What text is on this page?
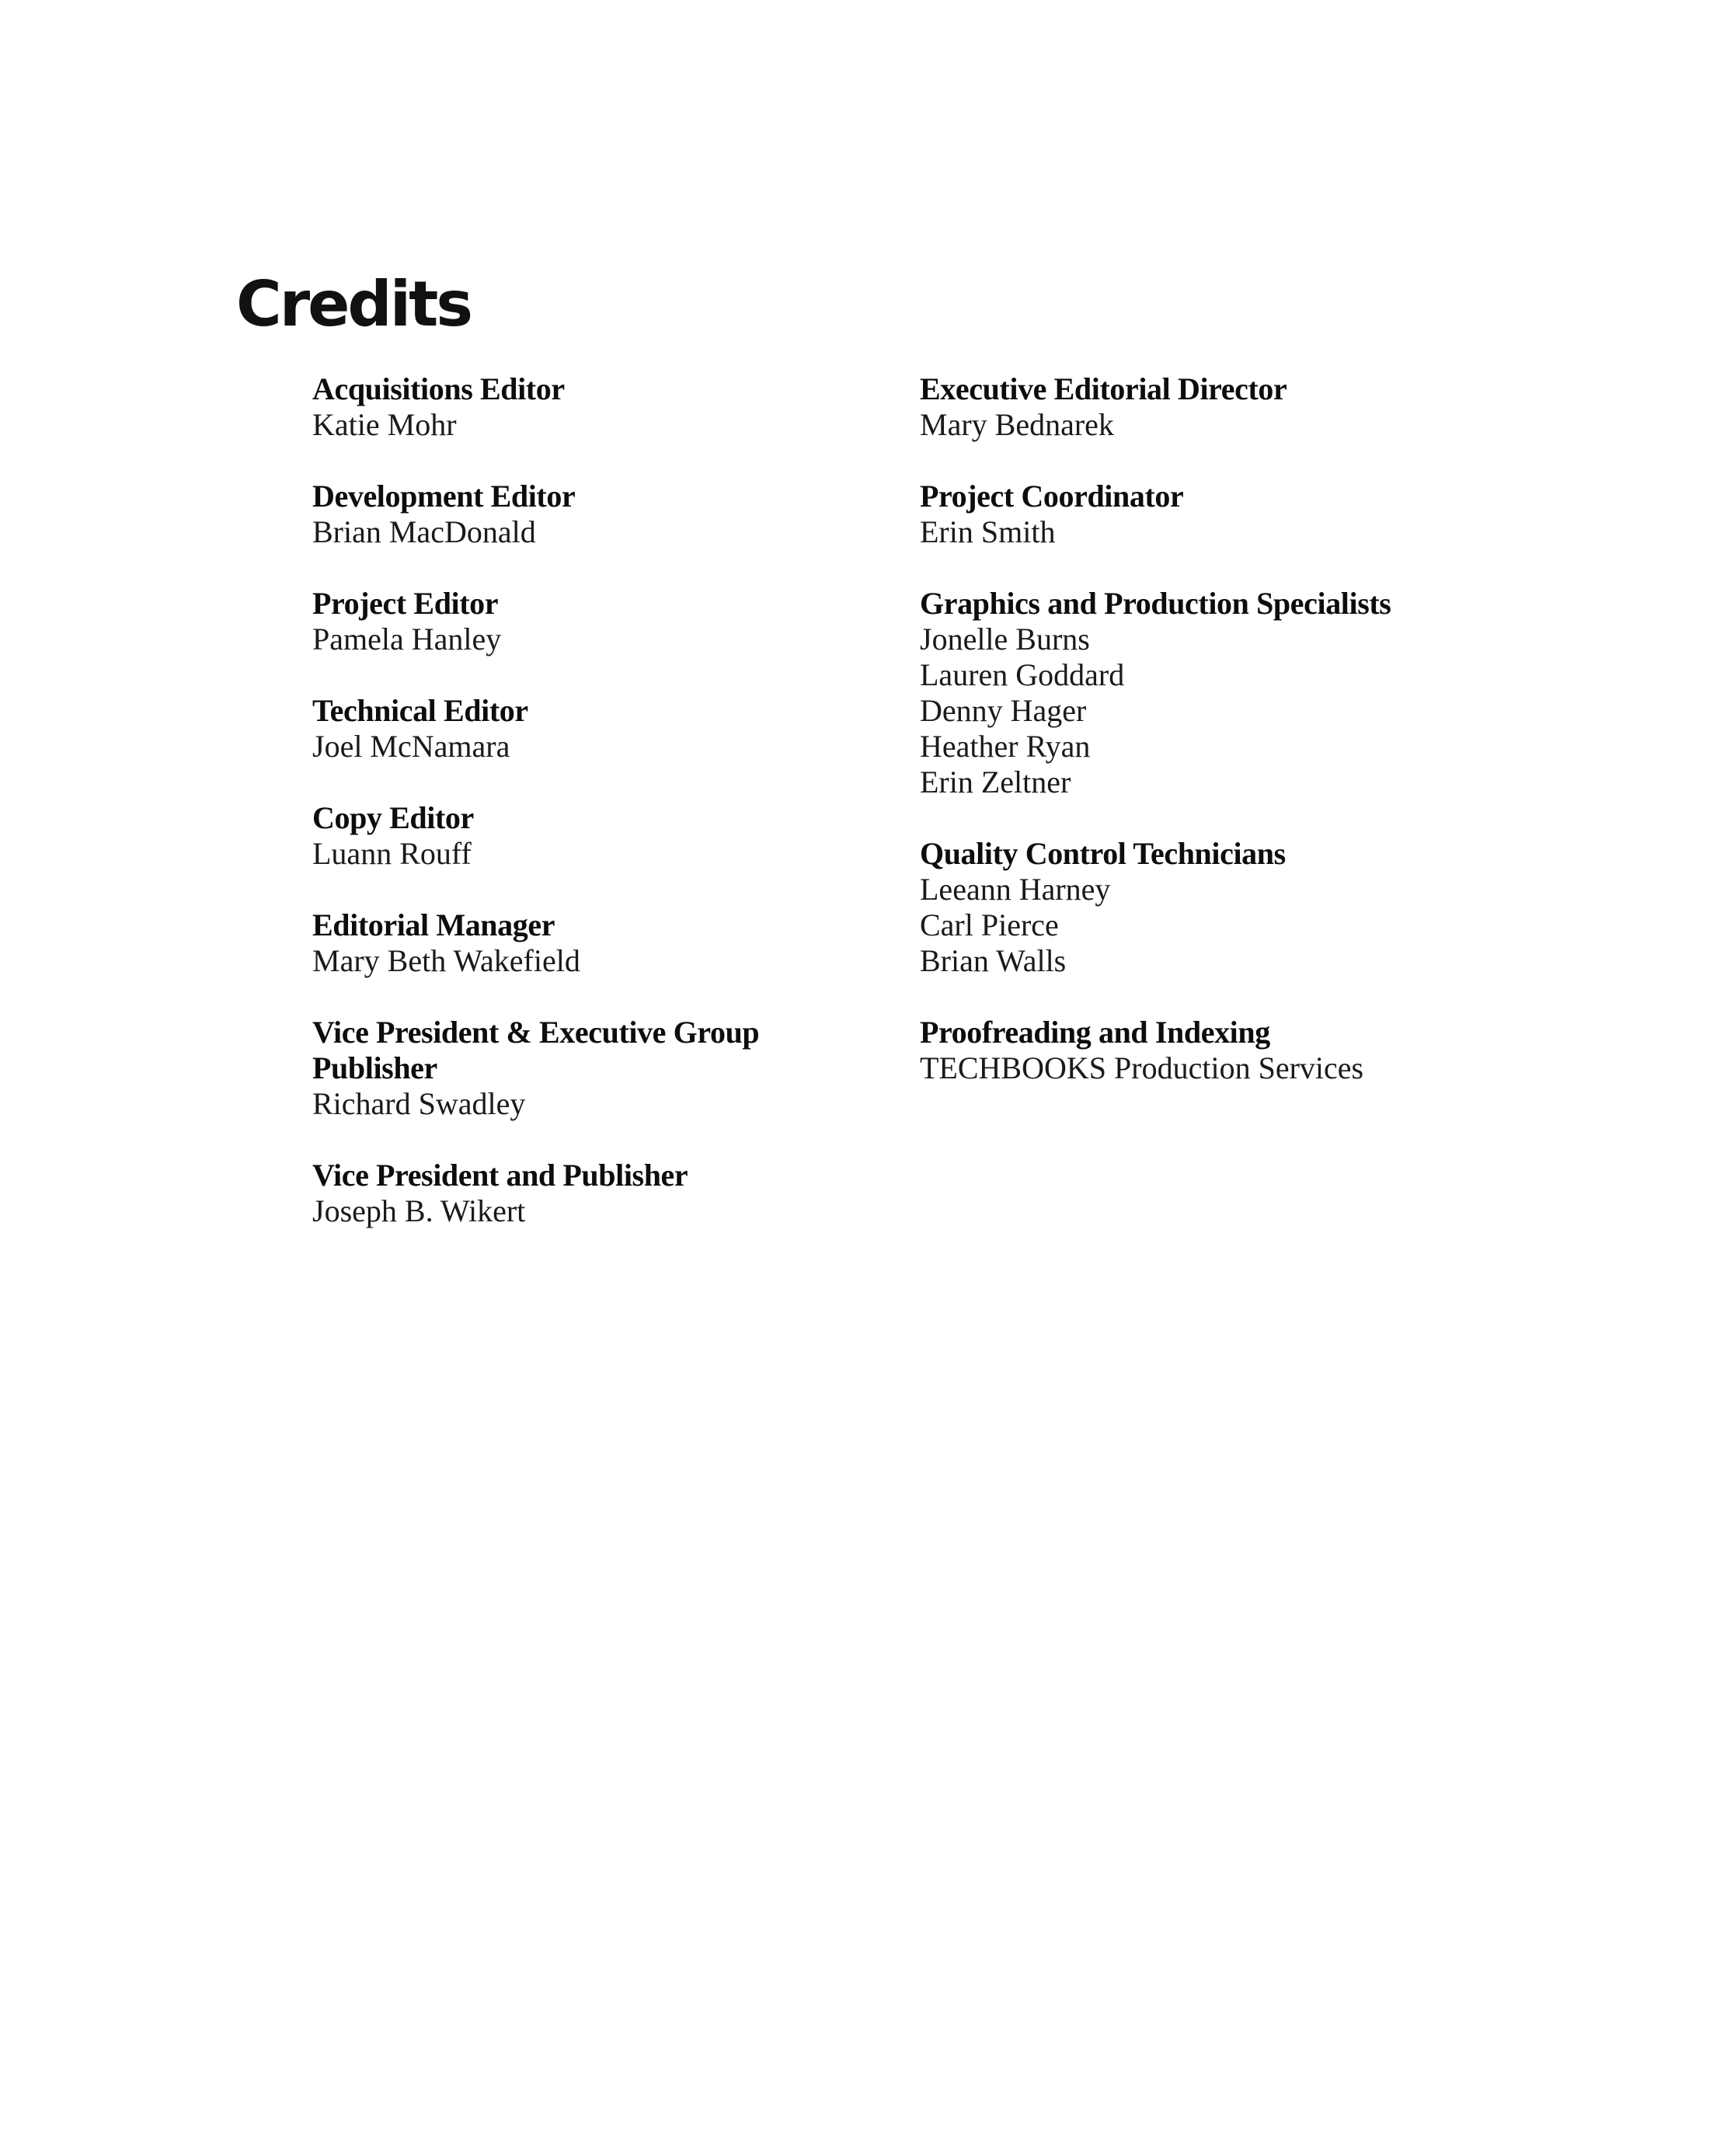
Credits
Acquisitions Editor
Katie Mohr
Development Editor
Brian MacDonald
Project Editor
Pamela Hanley
Technical Editor
Joel McNamara
Copy Editor
Luann Rouff
Editorial Manager
Mary Beth Wakefield
Vice President & Executive Group
Publisher
Richard Swadley
Vice President and Publisher
Joseph B. Wikert
Executive Editorial Director
Mary Bednarek
Project Coordinator
Erin Smith
Graphics and Production Specialists
Jonelle Burns
Lauren Goddard
Denny Hager
Heather Ryan
Erin Zeltner
Quality Control Technicians
Leeann Harney
Carl Pierce
Brian Walls
Proofreading and Indexing
TECHBOOKS Production Services
